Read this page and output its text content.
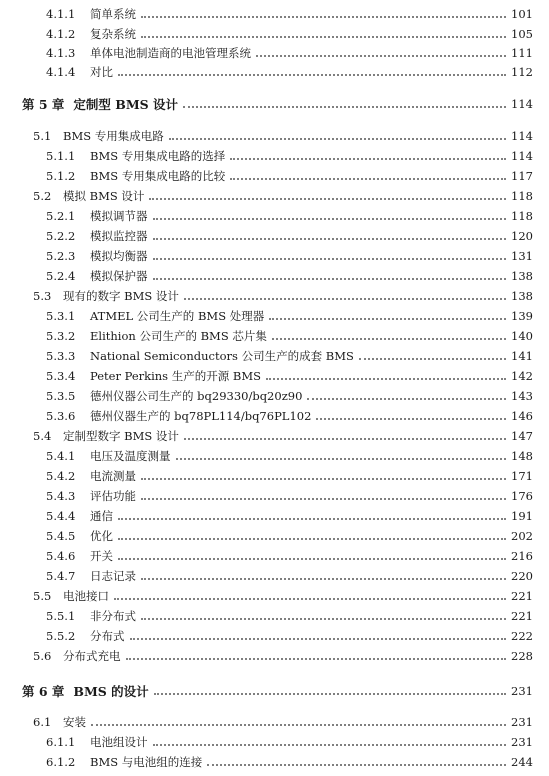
4.1.1	简单系统	101
4.1.2	复杂系统	105
4.1.3	单体电池制造商的电池管理系统	111
4.1.4	对比	112
第 5 章 定制型 BMS 设计	114
5.1	BMS 专用集成电路	114
5.1.1	BMS 专用集成电路的选择	114
5.1.2	BMS 专用集成电路的比较	117
5.2	模拟 BMS 设计	118
5.2.1	模拟调节器	118
5.2.2	模拟监控器	120
5.2.3	模拟均衡器	131
5.2.4	模拟保护器	138
5.3	现有的数字 BMS 设计	138
5.3.1	ATMEL 公司生产的 BMS 处理器	139
5.3.2	Elithion 公司生产的 BMS 芯片集	140
5.3.3	National Semiconductors 公司生产的成套 BMS	141
5.3.4	Peter Perkins 生产的开源 BMS	142
5.3.5	德州仪器公司生产的 bq29330/bq20z90	143
5.3.6	德州仪器生产的 bq78PL114/bq76PL102	146
5.4	定制型数字 BMS 设计	147
5.4.1	电压及温度测量	148
5.4.2	电流测量	171
5.4.3	评估功能	176
5.4.4	通信	191
5.4.5	优化	202
5.4.6	开关	216
5.4.7	日志记录	220
5.5	电池接口	221
5.5.1	非分布式	221
5.5.2	分布式	222
5.6	分布式充电	228
第 6 章 BMS 的设计	231
6.1	安装	231
6.1.1	电池组设计	231
6.1.2	BMS 与电池组的连接	244
